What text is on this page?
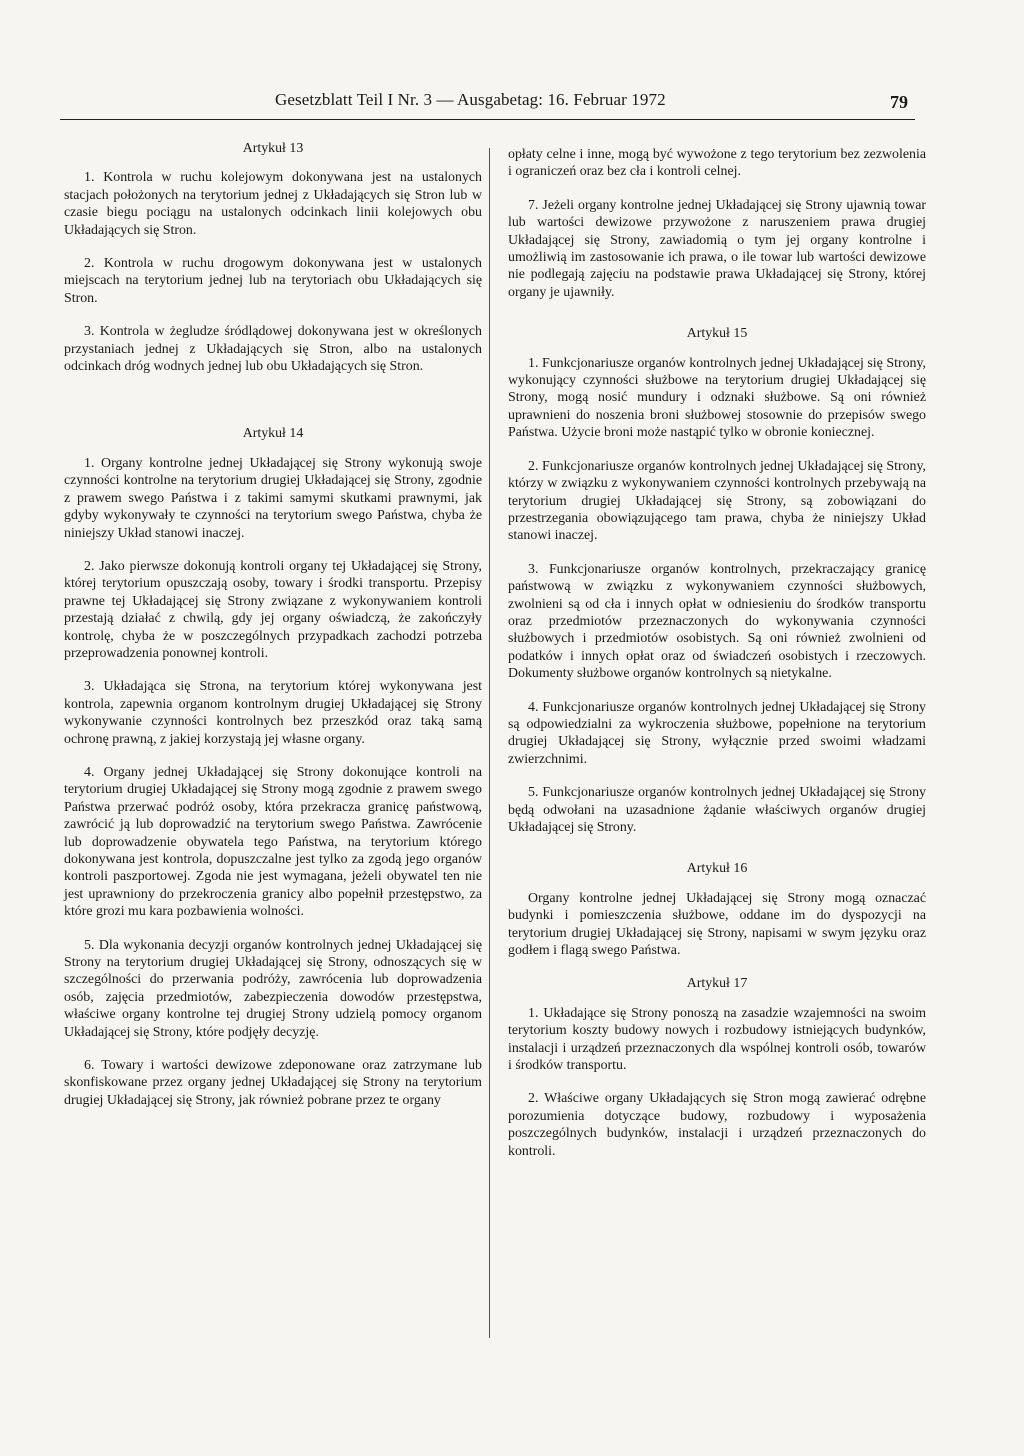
Gesetzblatt Teil I Nr. 3 — Ausgabetag: 16. Februar 1972	79

Artykuł 13

1. Kontrola w ruchu kolejowym dokonywana jest na ustalonych stacjach położonych na terytorium jednej z Układających się Stron lub w czasie biegu pociągu na ustalonych odcinkach linii kolejowych obu Układających się Stron.

2. Kontrola w ruchu drogowym dokonywana jest w ustalonych miejscach na terytorium jednej lub na terytoriach obu Układających się Stron.

3. Kontrola w żegludze śródlądowej dokonywana jest w określonych przystaniach jednej z Układających się Stron, albo na ustalonych odcinkach dróg wodnych jednej lub obu Układających się Stron.

Artykuł 14

1. Organy kontrolne jednej Układającej się Strony wykonują swoje czynności kontrolne na terytorium drugiej Układającej się Strony, zgodnie z prawem swego Państwa i z takimi samymi skutkami prawnymi, jak gdyby wykonywały te czynności na terytorium swego Państwa, chyba że niniejszy Układ stanowi inaczej.

2. Jako pierwsze dokonują kontroli organy tej Układającej się Strony, której terytorium opuszczają osoby, towary i środki transportu. Przepisy prawne tej Układającej się Strony związane z wykonywaniem kontroli przestają działać z chwilą, gdy jej organy oświadczą, że zakończyły kontrolę, chyba że w poszczególnych przypadkach zachodzi potrzeba przeprowadzenia ponownej kontroli.

3. Układająca się Strona, na terytorium której wykonywana jest kontrola, zapewnia organom kontrolnym drugiej Układającej się Strony wykonywanie czynności kontrolnych bez przeszkód oraz taką samą ochronę prawną, z jakiej korzystają jej własne organy.

4. Organy jednej Układającej się Strony dokonujące kontroli na terytorium drugiej Układającej się Strony mogą zgodnie z prawem swego Państwa przerwać podróż osoby, która przekracza granicę państwową, zawrócić ją lub doprowadzić na terytorium swego Państwa. Zawrócenie lub doprowadzenie obywatela tego Państwa, na terytorium którego dokonywana jest kontrola, dopuszczalne jest tylko za zgodą jego organów kontroli paszportowej. Zgoda nie jest wymagana, jeżeli obywatel ten nie jest uprawniony do przekroczenia granicy albo popełnił przestępstwo, za które grozi mu kara pozbawienia wolności.

5. Dla wykonania decyzji organów kontrolnych jednej Układającej się Strony na terytorium drugiej Układającej się Strony, odnoszących się w szczególności do przerwania podróży, zawrócenia lub doprowadzenia osób, zajęcia przedmiotów, zabezpieczenia dowodów przestępstwa, właściwe organy kontrolne tej drugiej Strony udzielą pomocy organom Układającej się Strony, które podjęły decyzję.

6. Towary i wartości dewizowe zdeponowane oraz zatrzymane lub skonfiskowane przez organy jednej Układającej się Strony na terytorium drugiej Układającej się Strony, jak również pobrane przez te organy

opłaty celne i inne, mogą być wywożone z tego terytorium bez zezwolenia i ograniczeń oraz bez cła i kontroli celnej.

7. Jeżeli organy kontrolne jednej Układającej się Strony ujawnią towar lub wartości dewizowe przywożone z naruszeniem prawa drugiej Układającej się Strony, zawiadomią o tym jej organy kontrolne i umożliwią im zastosowanie ich prawa, o ile towar lub wartości dewizowe nie podlegają zajęciu na podstawie prawa Układającej się Strony, której organy je ujawniły.

Artykuł 15

1. Funkcjonariusze organów kontrolnych jednej Układającej się Strony, wykonujący czynności służbowe na terytorium drugiej Układającej się Strony, mogą nosić mundury i odznaki służbowe. Są oni również uprawnieni do noszenia broni służbowej stosownie do przepisów swego Państwa. Użycie broni może nastąpić tylko w obronie koniecznej.

2. Funkcjonariusze organów kontrolnych jednej Układającej się Strony, którzy w związku z wykonywaniem czynności kontrolnych przebywają na terytorium drugiej Układającej się Strony, są zobowiązani do przestrzegania obowiązującego tam prawa, chyba że niniejszy Układ stanowi inaczej.

3. Funkcjonariusze organów kontrolnych, przekraczający granicę państwową w związku z wykonywaniem czynności służbowych, zwolnieni są od cła i innych opłat w odniesieniu do środków transportu oraz przedmiotów przeznaczonych do wykonywania czynności służbowych i przedmiotów osobistych. Są oni również zwolnieni od podatków i innych opłat oraz od świadczeń osobistych i rzeczowych. Dokumenty służbowe organów kontrolnych są nietykalne.

4. Funkcjonariusze organów kontrolnych jednej Układającej się Strony są odpowiedzialni za wykroczenia służbowe, popełnione na terytorium drugiej Układającej się Strony, wyłącznie przed swoimi władzami zwierzchnimi.

5. Funkcjonariusze organów kontrolnych jednej Układającej się Strony będą odwołani na uzasadnione żądanie właściwych organów drugiej Układającej się Strony.

Artykuł 16

Organy kontrolne jednej Układającej się Strony mogą oznaczać budynki i pomieszczenia służbowe, oddane im do dyspozycji na terytorium drugiej Układającej się Strony, napisami w swym języku oraz godłem i flagą swego Państwa.

Artykuł 17

1. Układające się Strony ponoszą na zasadzie wzajemności na swoim terytorium koszty budowy nowych i rozbudowy istniejących budynków, instalacji i urządzeń przeznaczonych dla wspólnej kontroli osób, towarów i środków transportu.

2. Właściwe organy Układających się Stron mogą zawierać odrębne porozumienia dotyczące budowy, rozbudowy i wyposażenia poszczególnych budynków, instalacji i urządzeń przeznaczonych do kontroli.
